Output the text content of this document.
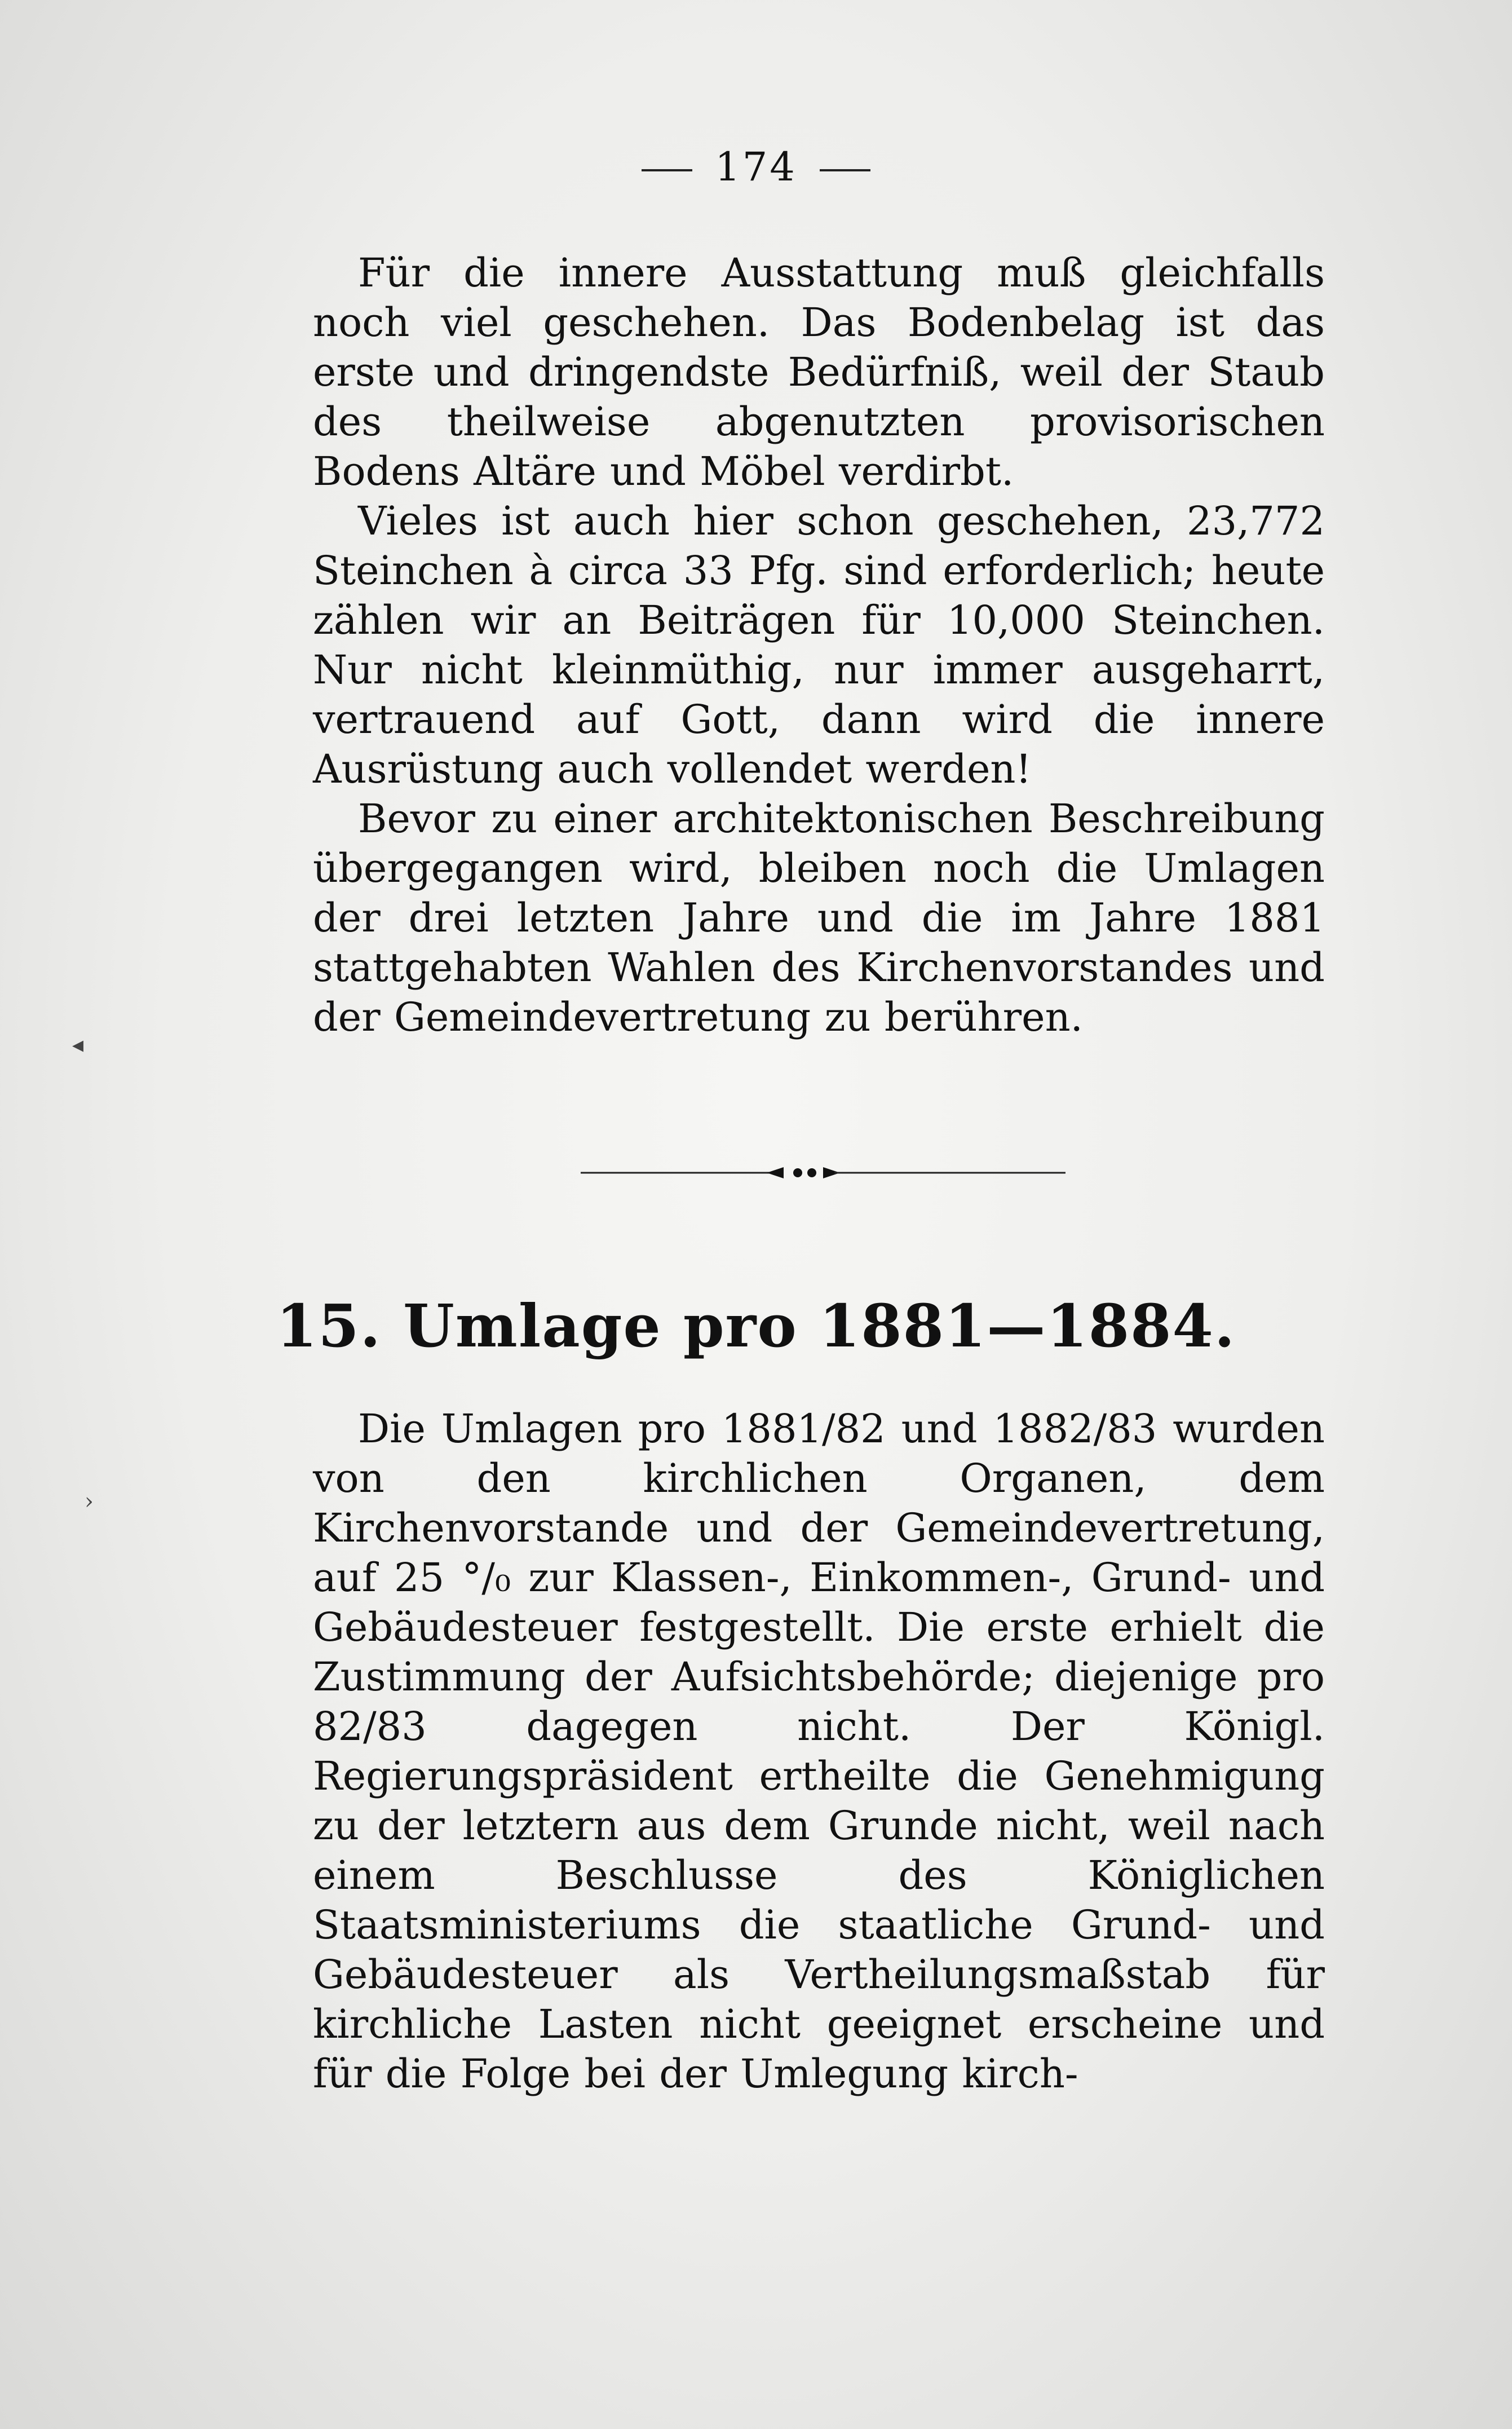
174

Für die innere Ausstattung muß gleichfalls noch viel geschehen. Das Bodenbelag ist das erste und dringendste Bedürfniß, weil der Staub des theilweise abgenutzten provisorischen Bodens Altäre und Möbel verdirbt.

Vieles ist auch hier schon geschehen, 23,772 Steinchen à circa 33 Pfg. sind erforderlich; heute zählen wir an Beiträgen für 10,000 Steinchen. Nur nicht kleinmüthig, nur immer ausgeharrt, vertrauend auf Gott, dann wird die innere Ausrüstung auch vollendet werden!

Bevor zu einer architektonischen Beschreibung übergegangen wird, bleiben noch die Umlagen der drei letzten Jahre und die im Jahre 1881 stattgehabten Wahlen des Kirchenvorstandes und der Gemeindevertretung zu berühren.

15. Umlage pro 1881—1884.

Die Umlagen pro 1881/82 und 1882/83 wurden von den kirchlichen Organen, dem Kirchenvorstande und der Gemeindevertretung, auf 25 °/₀ zur Klassen-, Einkommen-, Grund- und Gebäudesteuer festgestellt. Die erste erhielt die Zustimmung der Aufsichtsbehörde; diejenige pro 82/83 dagegen nicht. Der Königl. Regierungspräsident ertheilte die Genehmigung zu der letztern aus dem Grunde nicht, weil nach einem Beschlusse des Königlichen Staatsministeriums die staatliche Grund- und Gebäudesteuer als Vertheilungsmaßstab für kirchliche Lasten nicht geeignet erscheine und für die Folge bei der Umlegung kirch-

◂
›
